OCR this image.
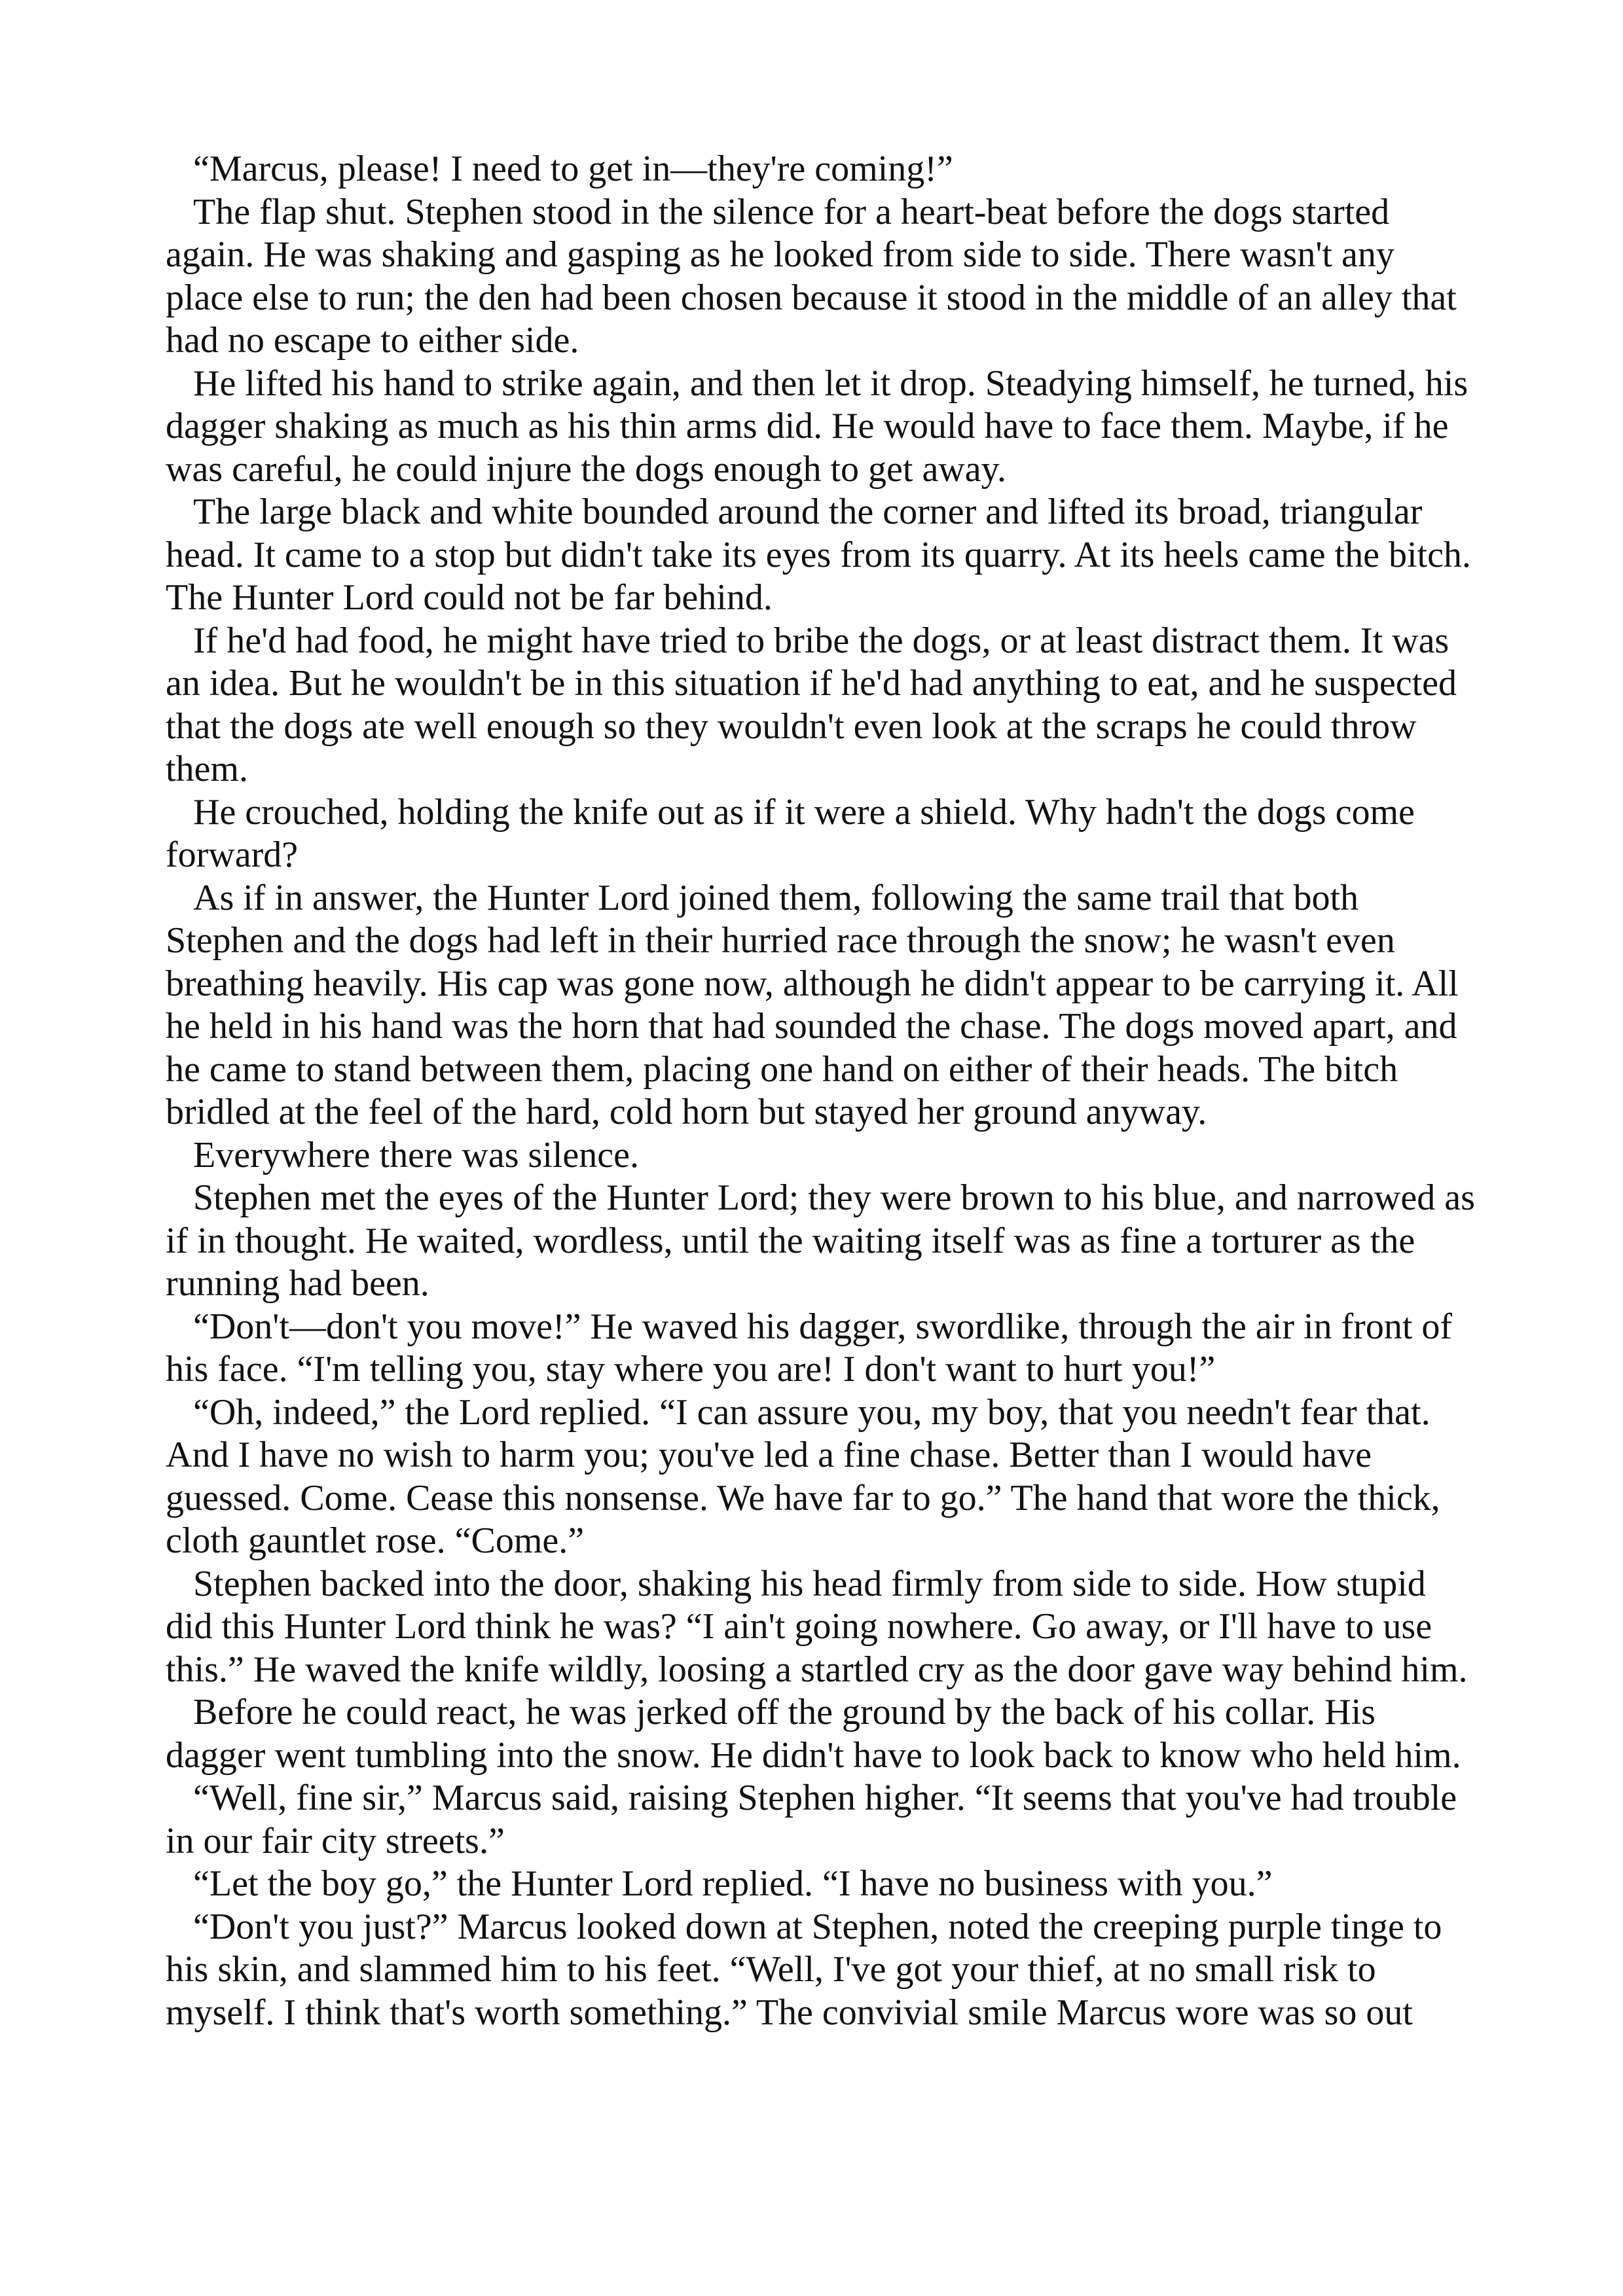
“Marcus, please! I need to get in—they're coming!”

The flap shut. Stephen stood in the silence for a heart-beat before the dogs started again. He was shaking and gasping as he looked from side to side. There wasn't any place else to run; the den had been chosen because it stood in the middle of an alley that had no escape to either side.

He lifted his hand to strike again, and then let it drop. Steadying himself, he turned, his dagger shaking as much as his thin arms did. He would have to face them. Maybe, if he was careful, he could injure the dogs enough to get away.

The large black and white bounded around the corner and lifted its broad, triangular head. It came to a stop but didn't take its eyes from its quarry. At its heels came the bitch. The Hunter Lord could not be far behind.

If he'd had food, he might have tried to bribe the dogs, or at least distract them. It was an idea. But he wouldn't be in this situation if he'd had anything to eat, and he suspected that the dogs ate well enough so they wouldn't even look at the scraps he could throw them.

He crouched, holding the knife out as if it were a shield. Why hadn't the dogs come forward?

As if in answer, the Hunter Lord joined them, following the same trail that both Stephen and the dogs had left in their hurried race through the snow; he wasn't even breathing heavily. His cap was gone now, although he didn't appear to be carrying it. All he held in his hand was the horn that had sounded the chase. The dogs moved apart, and he came to stand between them, placing one hand on either of their heads. The bitch bridled at the feel of the hard, cold horn but stayed her ground anyway.

Everywhere there was silence.

Stephen met the eyes of the Hunter Lord; they were brown to his blue, and narrowed as if in thought. He waited, wordless, until the waiting itself was as fine a torturer as the running had been.

“Don't—don't you move!” He waved his dagger, swordlike, through the air in front of his face. “I'm telling you, stay where you are! I don't want to hurt you!”

“Oh, indeed,” the Lord replied. “I can assure you, my boy, that you needn't fear that. And I have no wish to harm you; you've led a fine chase. Better than I would have guessed. Come. Cease this nonsense. We have far to go.” The hand that wore the thick, cloth gauntlet rose. “Come.”

Stephen backed into the door, shaking his head firmly from side to side. How stupid did this Hunter Lord think he was? “I ain't going nowhere. Go away, or I'll have to use this.” He waved the knife wildly, loosing a startled cry as the door gave way behind him.

Before he could react, he was jerked off the ground by the back of his collar. His dagger went tumbling into the snow. He didn't have to look back to know who held him.

“Well, fine sir,” Marcus said, raising Stephen higher. “It seems that you've had trouble in our fair city streets.”

“Let the boy go,” the Hunter Lord replied. “I have no business with you.”

“Don't you just?” Marcus looked down at Stephen, noted the creeping purple tinge to his skin, and slammed him to his feet. “Well, I've got your thief, at no small risk to myself. I think that's worth something.” The convivial smile Marcus wore was so out
